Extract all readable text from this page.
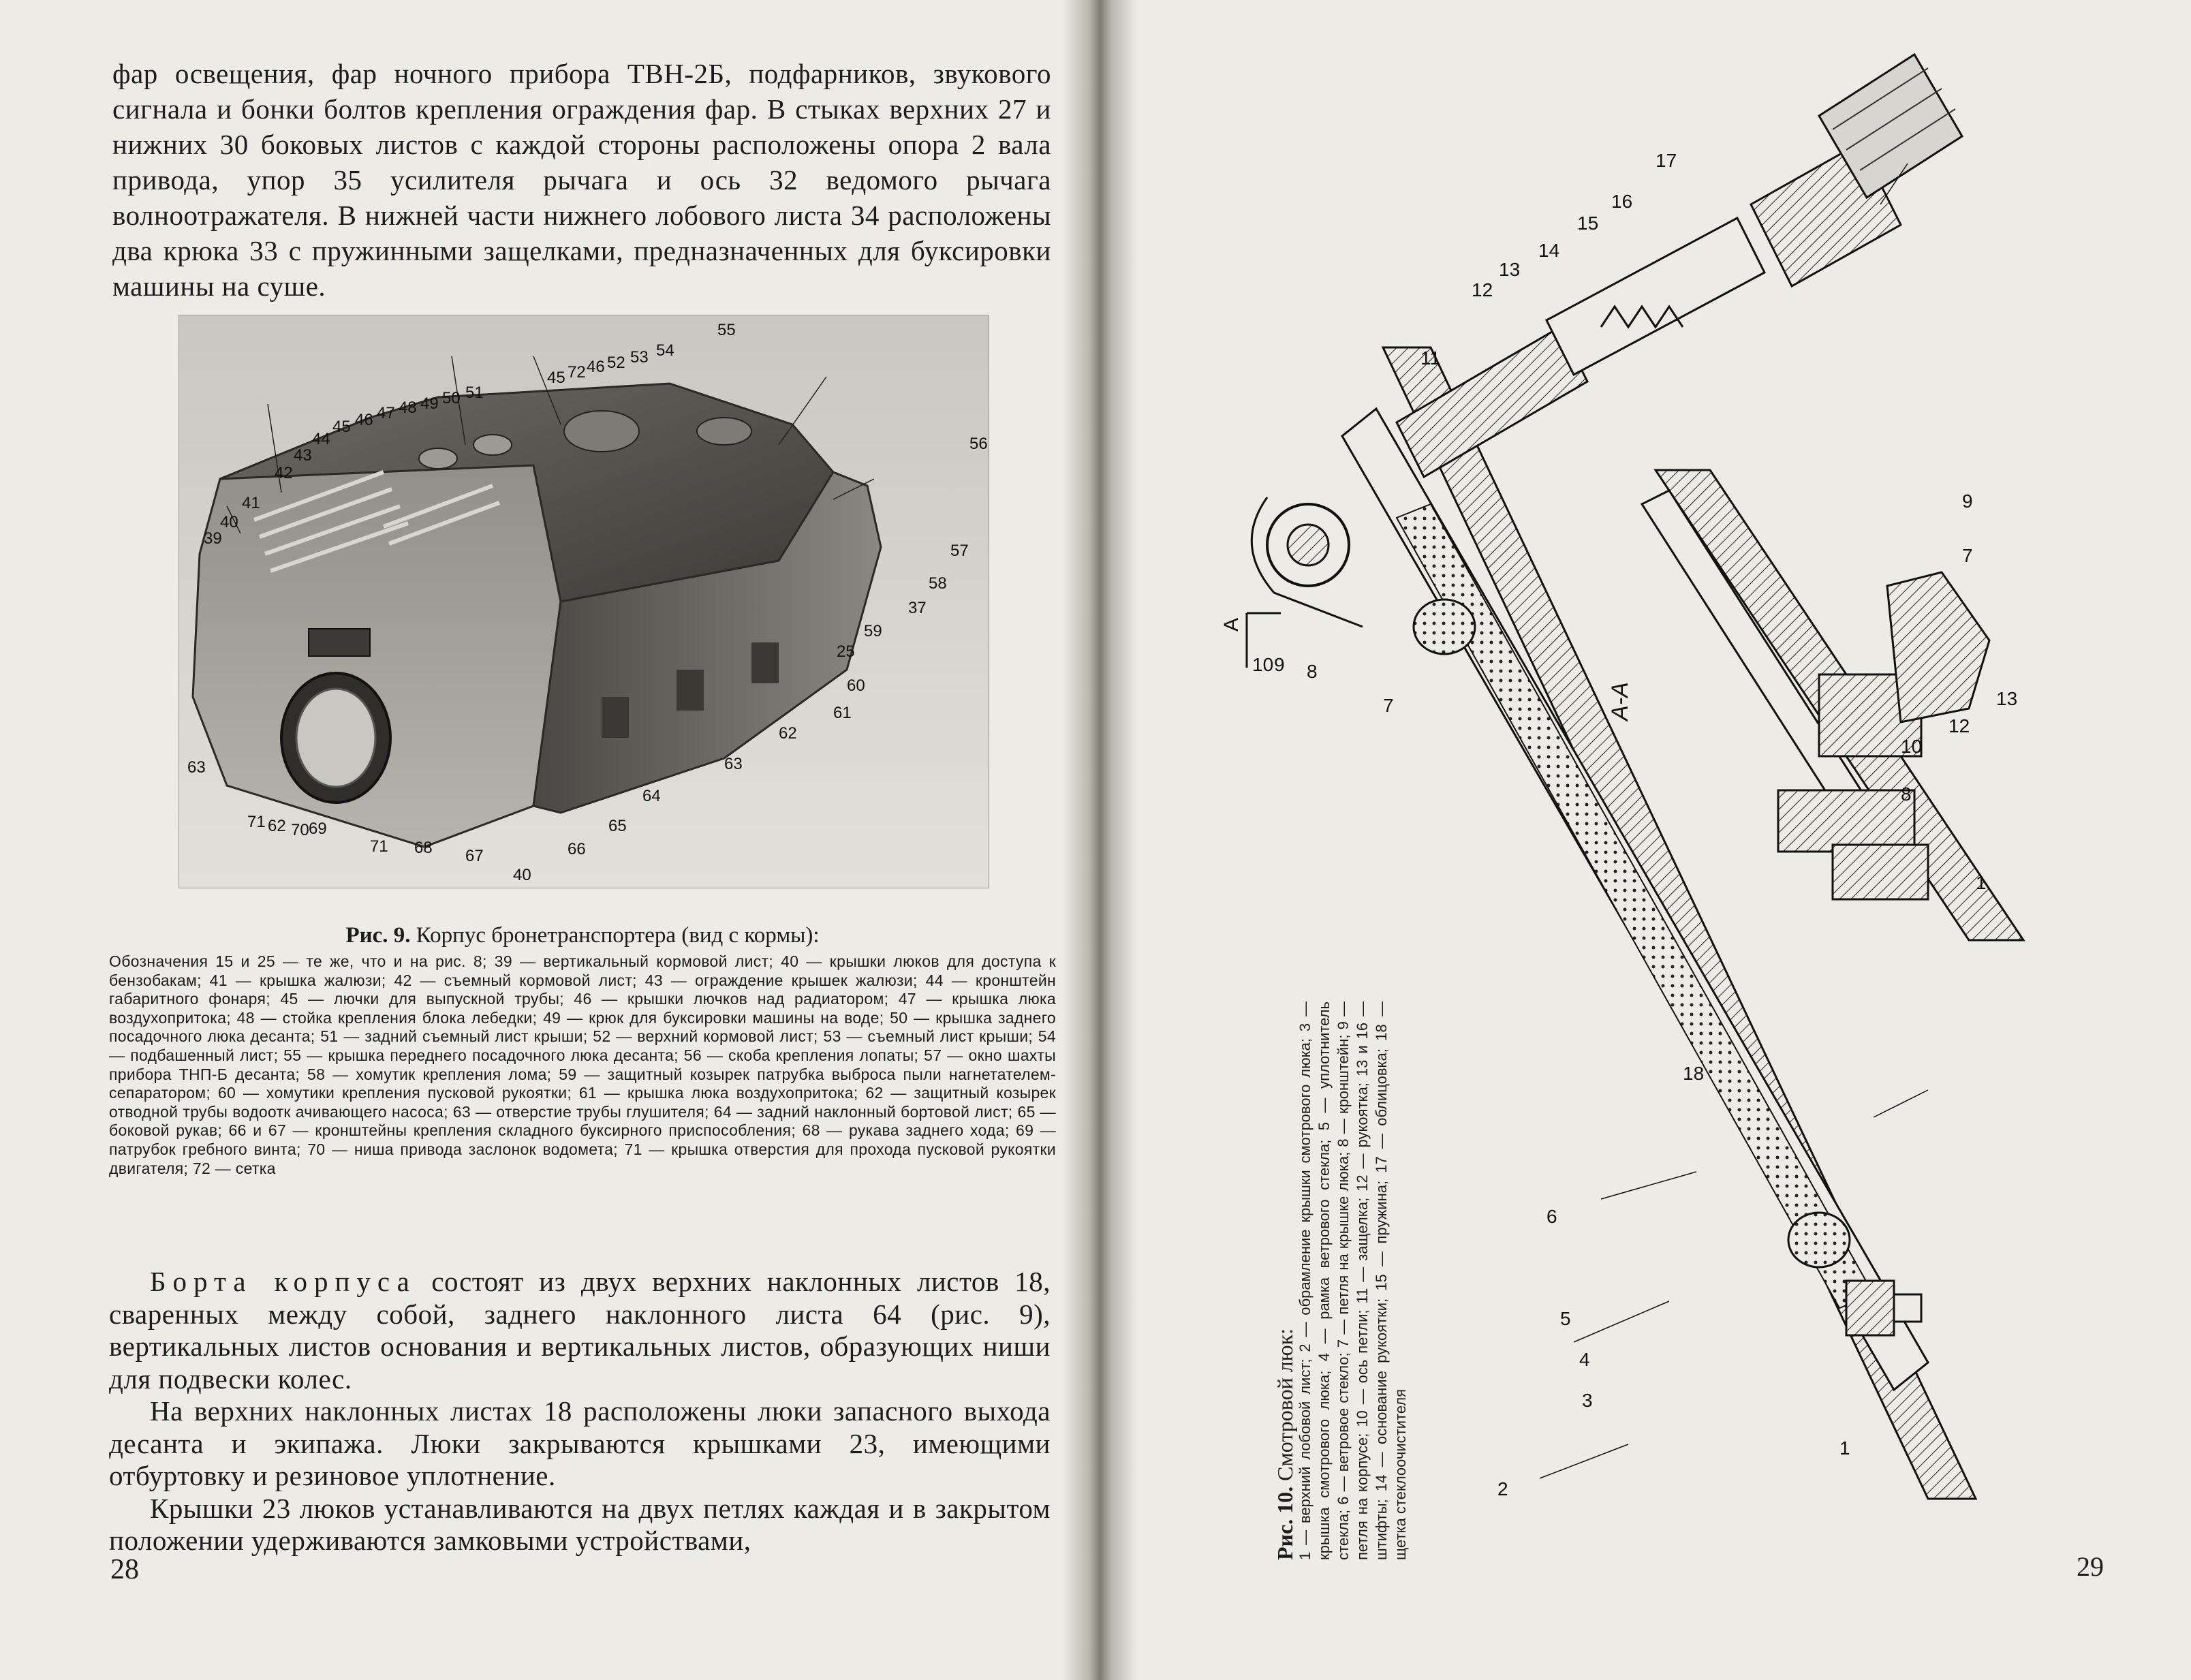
фар освещения, фар ночного прибора ТВН-2Б, подфарников, звукового сигнала и бонки болтов крепления ограждения фар. В стыках верхних 27 и нижних 30 боковых листов с каждой стороны расположены опора 2 вала привода, упор 35 усилителя рычага и ось 32 ведомого рычага волноотражателя. В нижней части нижнего лобового листа 34 расположены два крюка 33 с пружинными защелками, предназначенных для буксировки машины на суше.

55
45 72 46 52 53 54
45 46 47 48 49 50 51
44
43
42
41
40
39
56
57
58
37
25
59
60
61
62
63
64
65
66
67
68
40
71
69
70
62
71
63
Рис. 9. Корпус бронетранспортера (вид с кормы):
Обозначения 15 и 25 — те же, что и на рис. 8; 39 — вертикальный кормовой лист; 40 — крышки люков для доступа к бензобакам; 41 — крышка жалюзи; 42 — съемный кормовой лист; 43 — ограждение крышек жалюзи; 44 — кронштейн габаритного фонаря; 45 — лючки для выпускной трубы; 46 — крышки лючков над радиатором; 47 — крышка люка воздухопритока; 48 — стойка крепления блока лебедки; 49 — крюк для буксировки машины на воде; 50 — крышка заднего посадочного люка десанта; 51 — задний съемный лист крыши; 52 — верхний кормовой лист; 53 — съемный лист крыши; 54 — подбашенный лист; 55 — крышка переднего посадочного люка десанта; 56 — скоба крепления лопаты; 57 — окно шахты прибора ТНП-Б десанта; 58 — хомутик крепления лома; 59 — защитный козырек патрубка выброса пыли нагнетателем-сепаратором; 60 — хомутики крепления пусковой рукоятки; 61 — крышка люка воздухопритока; 62 — защитный козырек отводной трубы водоотк ачивающего насоса; 63 — отверстие трубы глушителя; 64 — задний наклонный бортовой лист; 65 — боковой рукав; 66 и 67 — кронштейны крепления складного буксирного приспособления; 68 — рукава заднего хода; 69 — патрубок гребного винта; 70 — ниша привода заслонок водомета; 71 — крышка отверстия для прохода пусковой рукоятки двигателя; 72 — сетка

Борта корпуса состоят из двух верхних наклонных листов 18, сваренных между собой, заднего наклонного листа 64 (рис. 9), вертикальных листов основания и вертикальных листов, образующих ниши для подвески колес.

На верхних наклонных листах 18 расположены люки запасного выхода десанта и экипажа. Люки закрываются крышками 23, имеющими отбуртовку и резиновое уплотнение.

Крышки 23 люков устанавливаются на двух петлях каждая и в закрытом положении удерживаются замковыми устройствами,

28
17
16
15
14
13
12
11
10 9 8
7
6
5
4
3
2
1
18
9
7
13
12
10
8
1
А-А
А
Рис. 10. Смотровой люк: 1 — верхний лобовой лист; 2 — обрамление крышки смотрового люка; 3 — крышка смотрового люка; 4 — рамка ветрового стекла; 5 — уплотнитель стекла; 6 — ветровое стекло; 7 — петля на крышке люка; 8 — кронштейн; 9 — петля на корпусе; 10 — ось петли; 11 — защелка; 12 — рукоятка; 13 и 16 — штифты; 14 — основание рукоятки; 15 — пружина; 17 — облицовка; 18 — щетка стеклоочистителя
29
